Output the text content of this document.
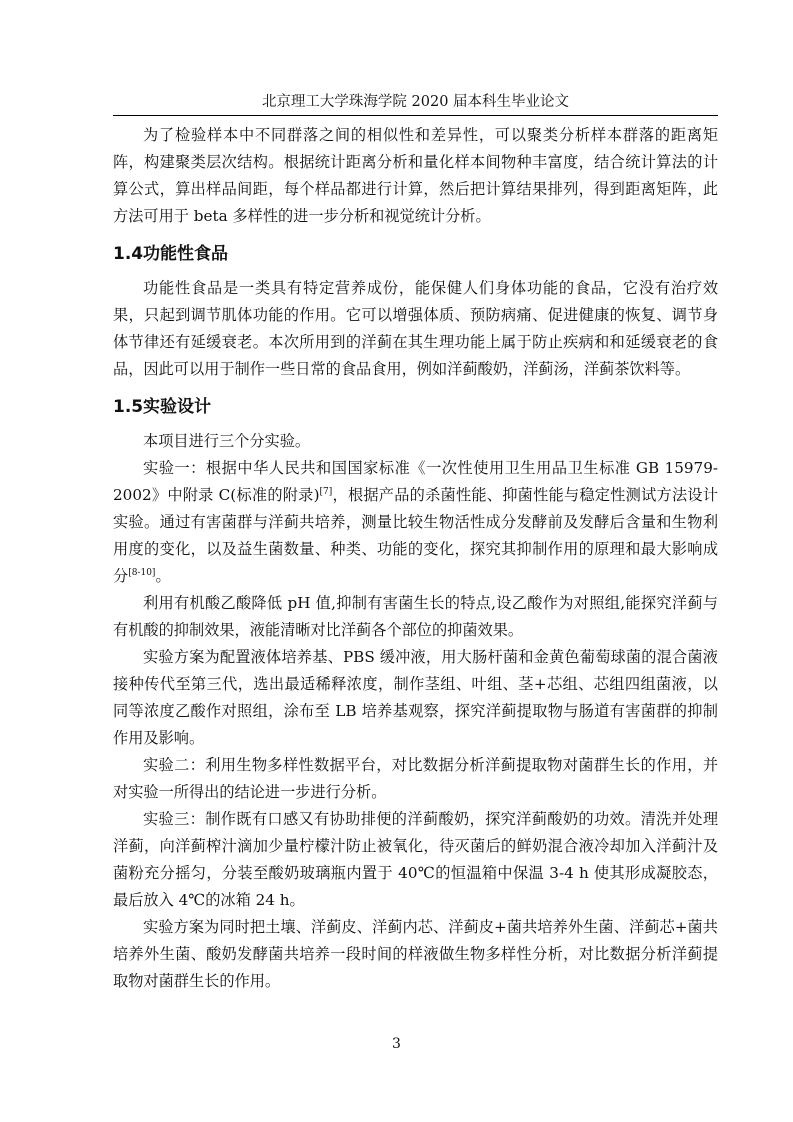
北京理工大学珠海学院 2020 届本科生毕业论文

为了检验样本中不同群落之间的相似性和差异性，可以聚类分析样本群落的距离矩阵，构建聚类层次结构。根据统计距离分析和量化样本间物种丰富度，结合统计算法的计算公式，算出样品间距，每个样品都进行计算，然后把计算结果排列，得到距离矩阵，此方法可用于 beta 多样性的进一步分析和视觉统计分析。

1.4功能性食品

功能性食品是一类具有特定营养成份，能保健人们身体功能的食品，它没有治疗效果，只起到调节肌体功能的作用。它可以增强体质、预防病痛、促进健康的恢复、调节身体节律还有延缓衰老。本次所用到的洋蓟在其生理功能上属于防止疾病和和延缓衰老的食品，因此可以用于制作一些日常的食品食用，例如洋蓟酸奶，洋蓟汤，洋蓟茶饮料等。

1.5实验设计

本项目进行三个分实验。

实验一：根据中华人民共和国国家标准《一次性使用卫生用品卫生标准 GB 15979-2002》中附录 C(标准的附录)[7]，根据产品的杀菌性能、抑菌性能与稳定性测试方法设计实验。通过有害菌群与洋蓟共培养，测量比较生物活性成分发酵前及发酵后含量和生物利用度的变化，以及益生菌数量、种类、功能的变化，探究其抑制作用的原理和最大影响成分[8-10]。

利用有机酸乙酸降低 pH 值,抑制有害菌生长的特点,设乙酸作为对照组,能探究洋蓟与有机酸的抑制效果，液能清晰对比洋蓟各个部位的抑菌效果。

实验方案为配置液体培养基、PBS 缓冲液，用大肠杆菌和金黄色葡萄球菌的混合菌液接种传代至第三代，选出最适稀释浓度，制作茎组、叶组、茎+芯组、芯组四组菌液，以同等浓度乙酸作对照组，涂布至 LB 培养基观察，探究洋蓟提取物与肠道有害菌群的抑制作用及影响。

实验二：利用生物多样性数据平台，对比数据分析洋蓟提取物对菌群生长的作用，并对实验一所得出的结论进一步进行分析。

实验三：制作既有口感又有协助排便的洋蓟酸奶，探究洋蓟酸奶的功效。清洗并处理洋蓟，向洋蓟榨汁滴加少量柠檬汁防止被氧化，待灭菌后的鲜奶混合液冷却加入洋蓟汁及菌粉充分摇匀，分装至酸奶玻璃瓶内置于 40℃的恒温箱中保温 3-4 h 使其形成凝胶态，最后放入 4℃的冰箱 24 h。

实验方案为同时把土壤、洋蓟皮、洋蓟内芯、洋蓟皮+菌共培养外生菌、洋蓟芯+菌共培养外生菌、酸奶发酵菌共培养一段时间的样液做生物多样性分析，对比数据分析洋蓟提取物对菌群生长的作用。

3
